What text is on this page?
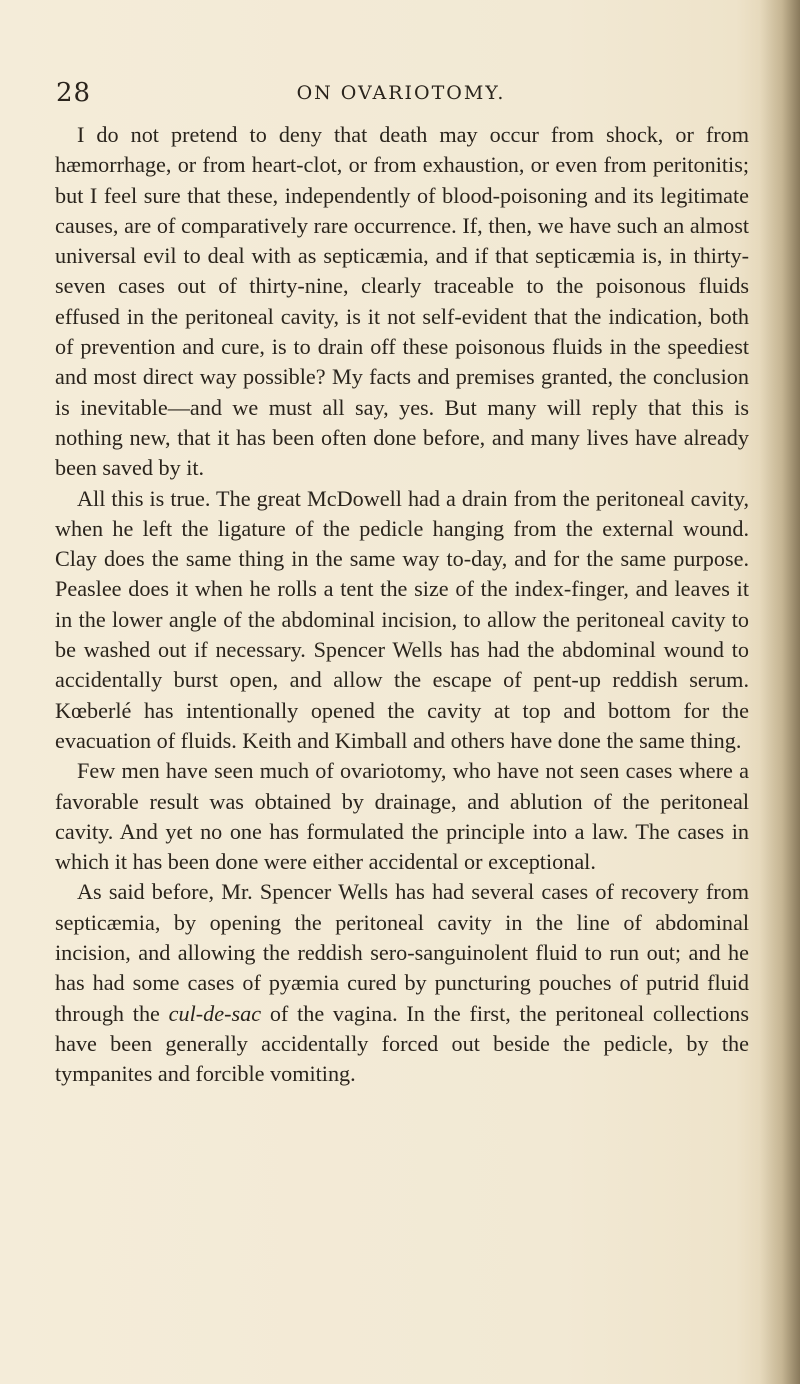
28	ON OVARIOTOMY.

I do not pretend to deny that death may occur from shock, or from hæmorrhage, or from heart-clot, or from exhaustion, or even from peritonitis; but I feel sure that these, independently of blood-poisoning and its legitimate causes, are of comparatively rare occurrence. If, then, we have such an almost universal evil to deal with as septicæmia, and if that septicæmia is, in thirty-seven cases out of thirty-nine, clearly traceable to the poisonous fluids effused in the peritoneal cavity, is it not self-evident that the indication, both of prevention and cure, is to drain off these poisonous fluids in the speediest and most direct way possible? My facts and premises granted, the conclusion is inevitable—and we must all say, yes. But many will reply that this is nothing new, that it has been often done before, and many lives have already been saved by it.

All this is true. The great McDowell had a drain from the peritoneal cavity, when he left the ligature of the pedicle hanging from the external wound. Clay does the same thing in the same way to-day, and for the same purpose. Peaslee does it when he rolls a tent the size of the index-finger, and leaves it in the lower angle of the abdominal incision, to allow the peritoneal cavity to be washed out if necessary. Spencer Wells has had the abdominal wound to accidentally burst open, and allow the escape of pent-up reddish serum. Kœberlé has intentionally opened the cavity at top and bottom for the evacuation of fluids. Keith and Kimball and others have done the same thing.

Few men have seen much of ovariotomy, who have not seen cases where a favorable result was obtained by drainage, and ablution of the peritoneal cavity. And yet no one has formulated the principle into a law. The cases in which it has been done were either accidental or exceptional.

As said before, Mr. Spencer Wells has had several cases of recovery from septicæmia, by opening the peritoneal cavity in the line of abdominal incision, and allowing the reddish sero-sanguinolent fluid to run out; and he has had some cases of pyæmia cured by puncturing pouches of putrid fluid through the cul-de-sac of the vagina. In the first, the peritoneal collections have been generally accidentally forced out beside the pedicle, by the tympanites and forcible vomiting.
